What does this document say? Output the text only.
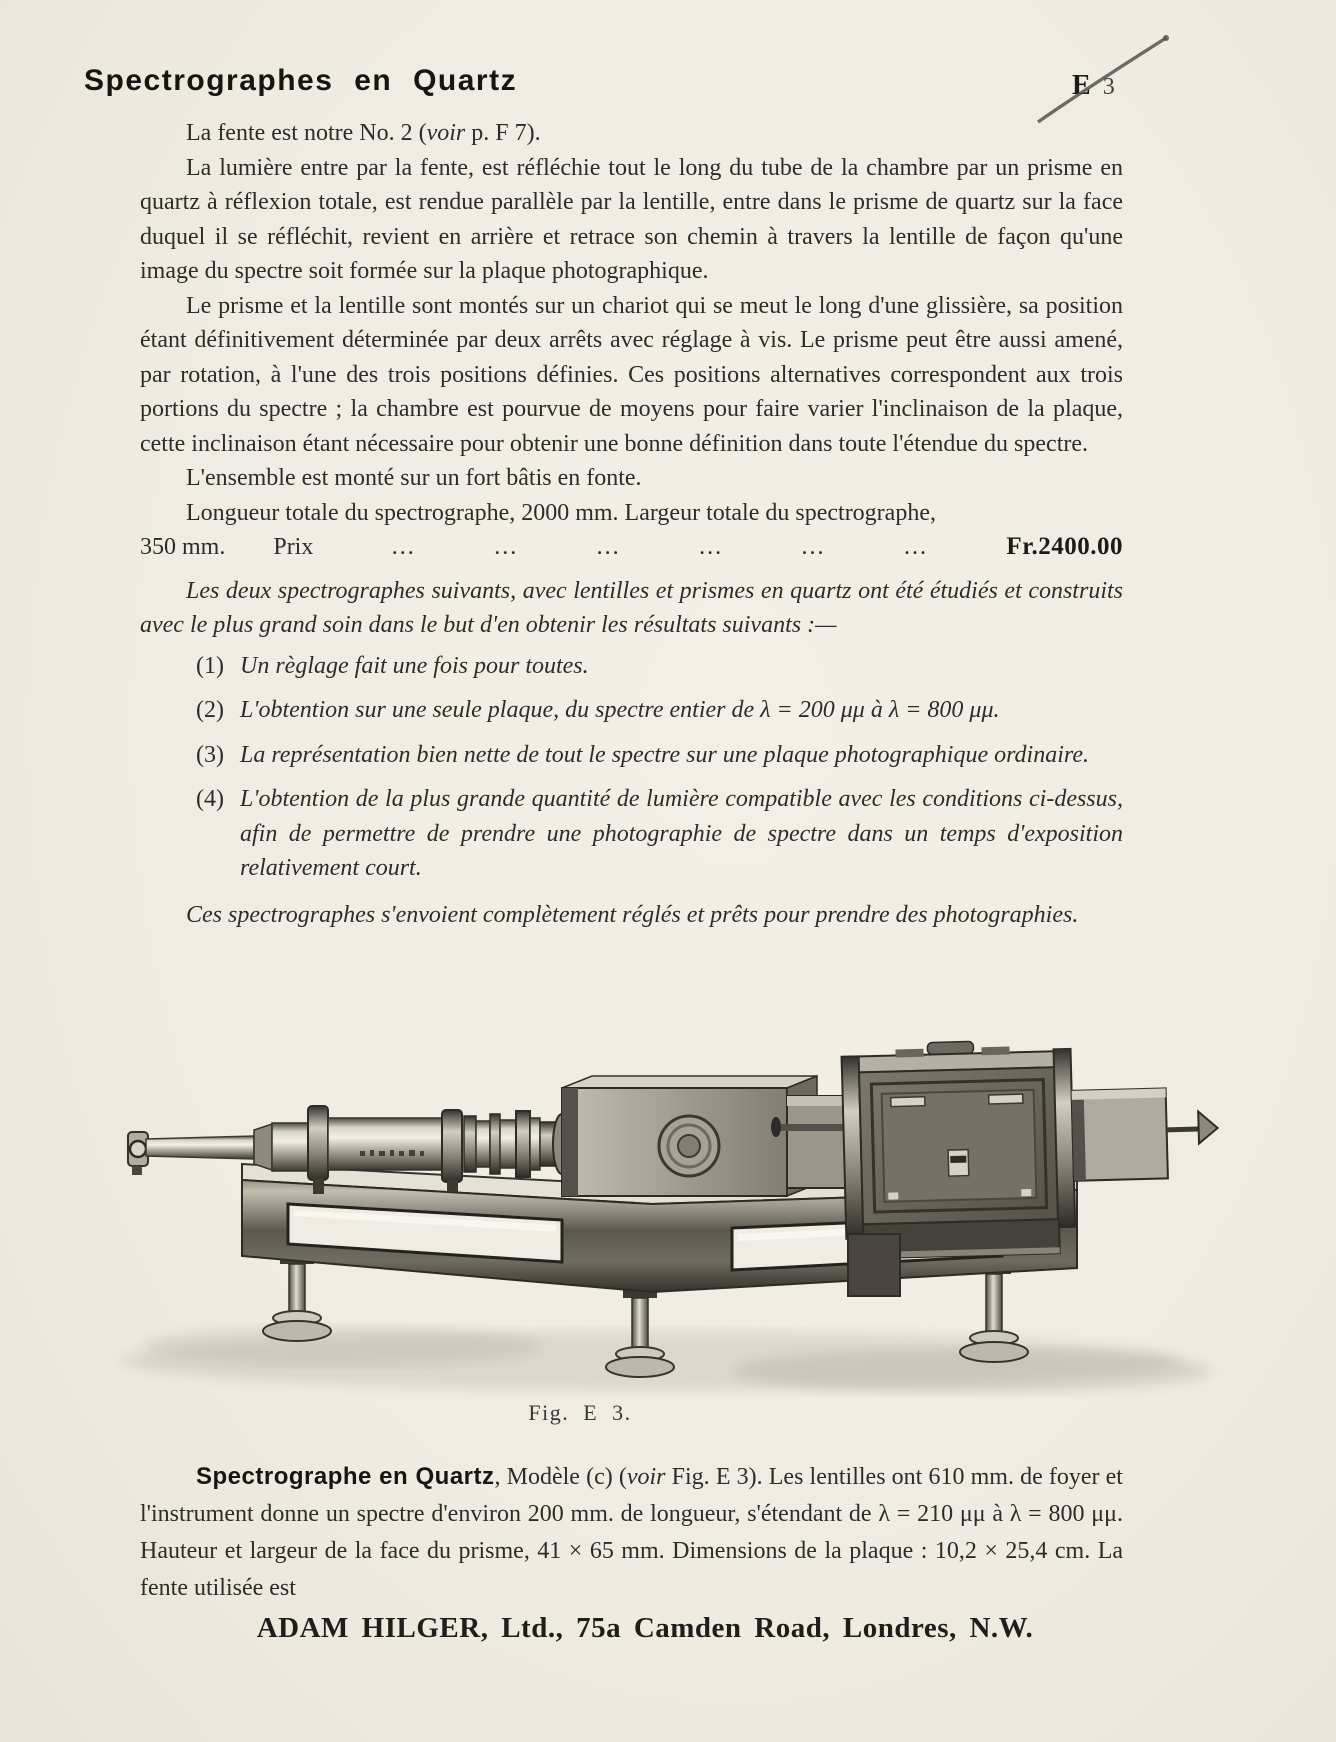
Spectrographes en Quartz	E 3

La fente est notre No. 2 (voir p. F 7).

La lumière entre par la fente, est réfléchie tout le long du tube de la chambre par un prisme en quartz à réflexion totale, est rendue parallèle par la lentille, entre dans le prisme de quartz sur la face duquel il se réfléchit, revient en arrière et retrace son chemin à travers la lentille de façon qu'une image du spectre soit formée sur la plaque photographique.

Le prisme et la lentille sont montés sur un chariot qui se meut le long d'une glissière, sa position étant définitivement déterminée par deux arrêts avec réglage à vis. Le prisme peut être aussi amené, par rotation, à l'une des trois positions définies. Ces positions alternatives correspondent aux trois portions du spectre ; la chambre est pourvue de moyens pour faire varier l'inclinaison de la plaque, cette inclinaison étant nécessaire pour obtenir une bonne définition dans toute l'étendue du spectre.

L'ensemble est monté sur un fort bâtis en fonte.

Longueur totale du spectrographe, 2000 mm. Largeur totale du spectrographe,

350 mm. Prix	...	...	...	...	...	...	Fr.2400.00

Les deux spectrographes suivants, avec lentilles et prismes en quartz ont été étudiés et construits avec le plus grand soin dans le but d'en obtenir les résultats suivants :—

(1) Un règlage fait une fois pour toutes.
(2) L'obtention sur une seule plaque, du spectre entier de λ = 200 μμ à λ = 800 μμ.
(3) La représentation bien nette de tout le spectre sur une plaque photographique ordinaire.
(4) L'obtention de la plus grande quantité de lumière compatible avec les conditions ci-dessus, afin de permettre de prendre une photographie de spectre dans un temps d'exposition relativement court.

Ces spectrographes s'envoient complètement réglés et prêts pour prendre des photographies.

Fig. E 3.
Spectrographe en Quartz, Modèle (c) (voir Fig. E 3). Les lentilles ont 610 mm. de foyer et l'instrument donne un spectre d'environ 200 mm. de longueur, s'étendant de λ = 210 μμ à λ = 800 μμ. Hauteur et largeur de la face du prisme, 41 × 65 mm. Dimensions de la plaque : 10,2 × 25,4 cm. La fente utilisée est
ADAM HILGER, Ltd., 75a Camden Road, Londres, N.W.
